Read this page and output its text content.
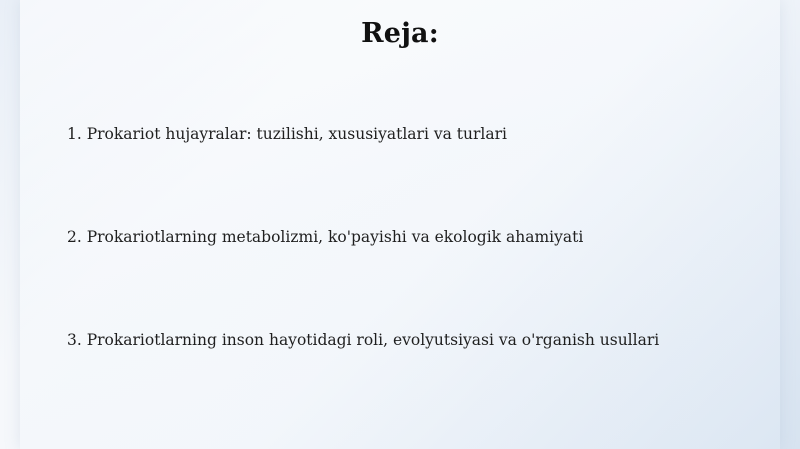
Reja:
1. Prokariot hujayralar: tuzilishi, xususiyatlari va turlari
2. Prokariotlarning metabolizmi, ko'payishi va ekologik ahamiyati
3. Prokariotlarning inson hayotidagi roli, evolyutsiyasi va o'rganish usullari
